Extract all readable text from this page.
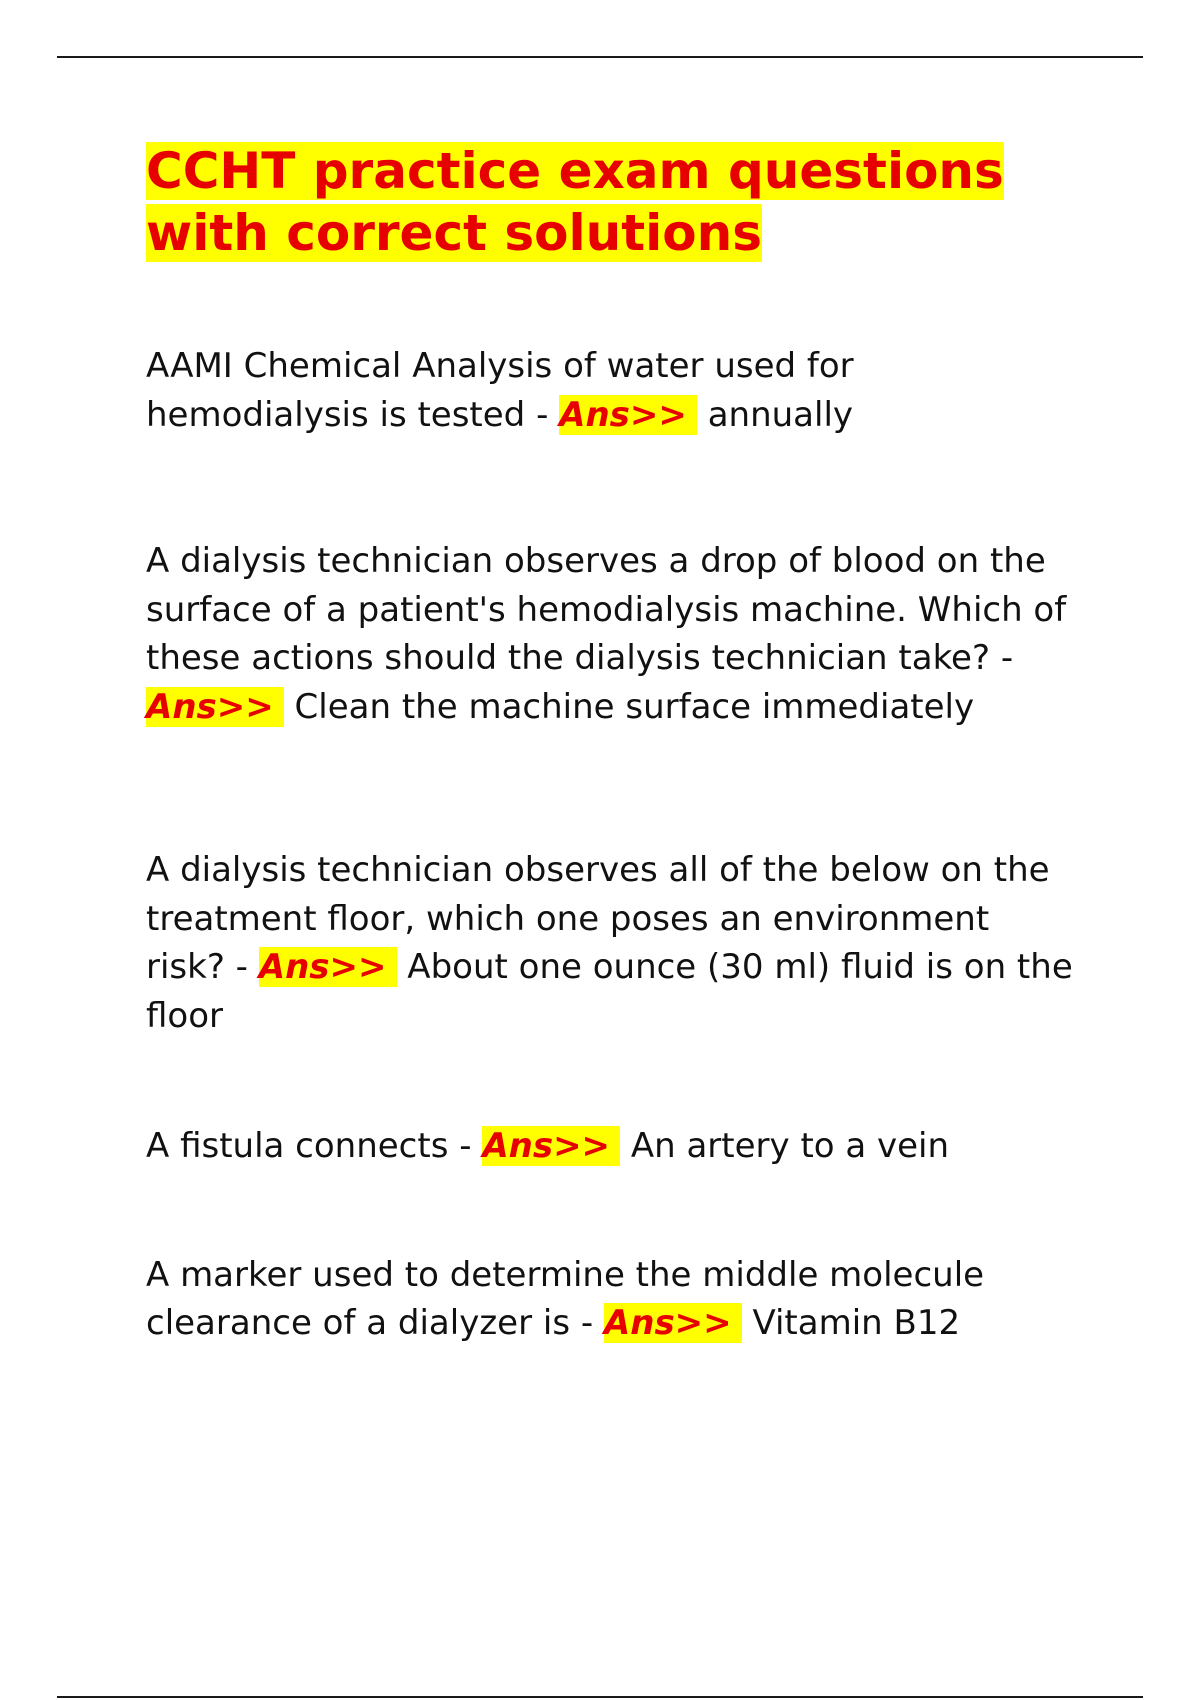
CCHT practice exam questions with correct solutions

AAMI Chemical Analysis of water used for hemodialysis is tested - Ans>> annually

A dialysis technician observes a drop of blood on the surface of a patient's hemodialysis machine. Which of these actions should the dialysis technician take? - Ans>> Clean the machine surface immediately

A dialysis technician observes all of the below on the treatment floor, which one poses an environment risk? - Ans>> About one ounce (30 ml) fluid is on the floor

A fistula connects - Ans>> An artery to a vein

A marker used to determine the middle molecule clearance of a dialyzer is - Ans>> Vitamin B12
